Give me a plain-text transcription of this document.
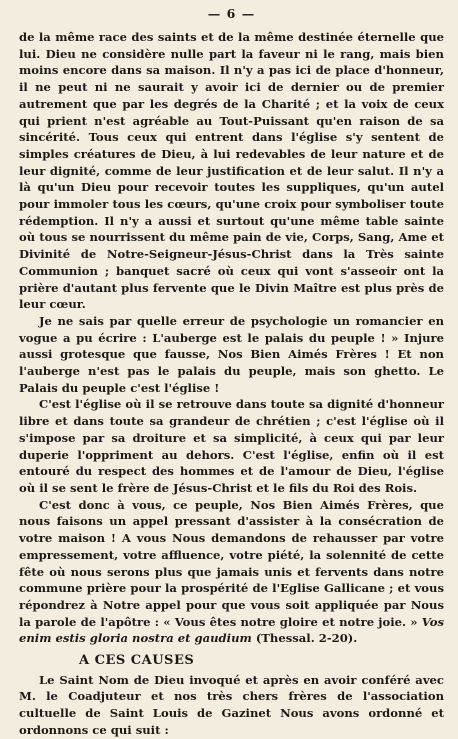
— 6 —

de la même race des saints et de la même destinée éternelle que lui. Dieu ne considère nulle part la faveur ni le rang, mais bien moins encore dans sa maison. Il n'y a pas ici de place d'honneur, il ne peut ni ne saurait y avoir ici de dernier ou de premier autrement que par les degrés de la Charité ; et la voix de ceux qui prient n'est agréable au Tout-Puissant qu'en raison de sa sincérité. Tous ceux qui entrent dans l'église s'y sentent de simples créatures de Dieu, à lui redevables de leur nature et de leur dignité, comme de leur justification et de leur salut. Il n'y a là qu'un Dieu pour recevoir toutes les suppliques, qu'un autel pour immoler tous les cœurs, qu'une croix pour symboliser toute rédemption. Il n'y a aussi et surtout qu'une même table sainte où tous se nourrissent du même pain de vie, Corps, Sang, Ame et Divinité de Notre-Seigneur-Jésus-Christ dans la Très sainte Communion ; banquet sacré où ceux qui vont s'asseoir ont la prière d'autant plus fervente que le Divin Maître est plus près de leur cœur.

Je ne sais par quelle erreur de psychologie un romancier en vogue a pu écrire : L'auberge est le palais du peuple ! » Injure aussi grotesque que fausse, Nos Bien Aimés Frères ! Et non l'auberge n'est pas le palais du peuple, mais son ghetto. Le Palais du peuple c'est l'église !

C'est l'église où il se retrouve dans toute sa dignité d'honneur libre et dans toute sa grandeur de chrétien ; c'est l'église où il s'impose par sa droiture et sa simplicité, à ceux qui par leur duperie l'oppriment au dehors. C'est l'église, enfin où il est entouré du respect des hommes et de l'amour de Dieu, l'église où il se sent le frère de Jésus-Christ et le fils du Roi des Rois.

C'est donc à vous, ce peuple, Nos Bien Aimés Frères, que nous faisons un appel pressant d'assister à la consécration de votre maison ! A vous Nous demandons de rehausser par votre empressement, votre affluence, votre piété, la solennité de cette fête où nous serons plus que jamais unis et fervents dans notre commune prière pour la prospérité de l'Eglise Gallicane ; et vous répondrez à Notre appel pour que vous soit appliquée par Nous la parole de l'apôtre : « Vous êtes notre gloire et notre joie. » Vos enim estis gloria nostra et gaudium (Thessal. 2-20).

A CES CAUSES

Le Saint Nom de Dieu invoqué et après en avoir conféré avec M. le Coadjuteur et nos très chers frères de l'association cultuelle de Saint Louis de Gazinet Nous avons ordonné et ordonnons ce qui suit :
